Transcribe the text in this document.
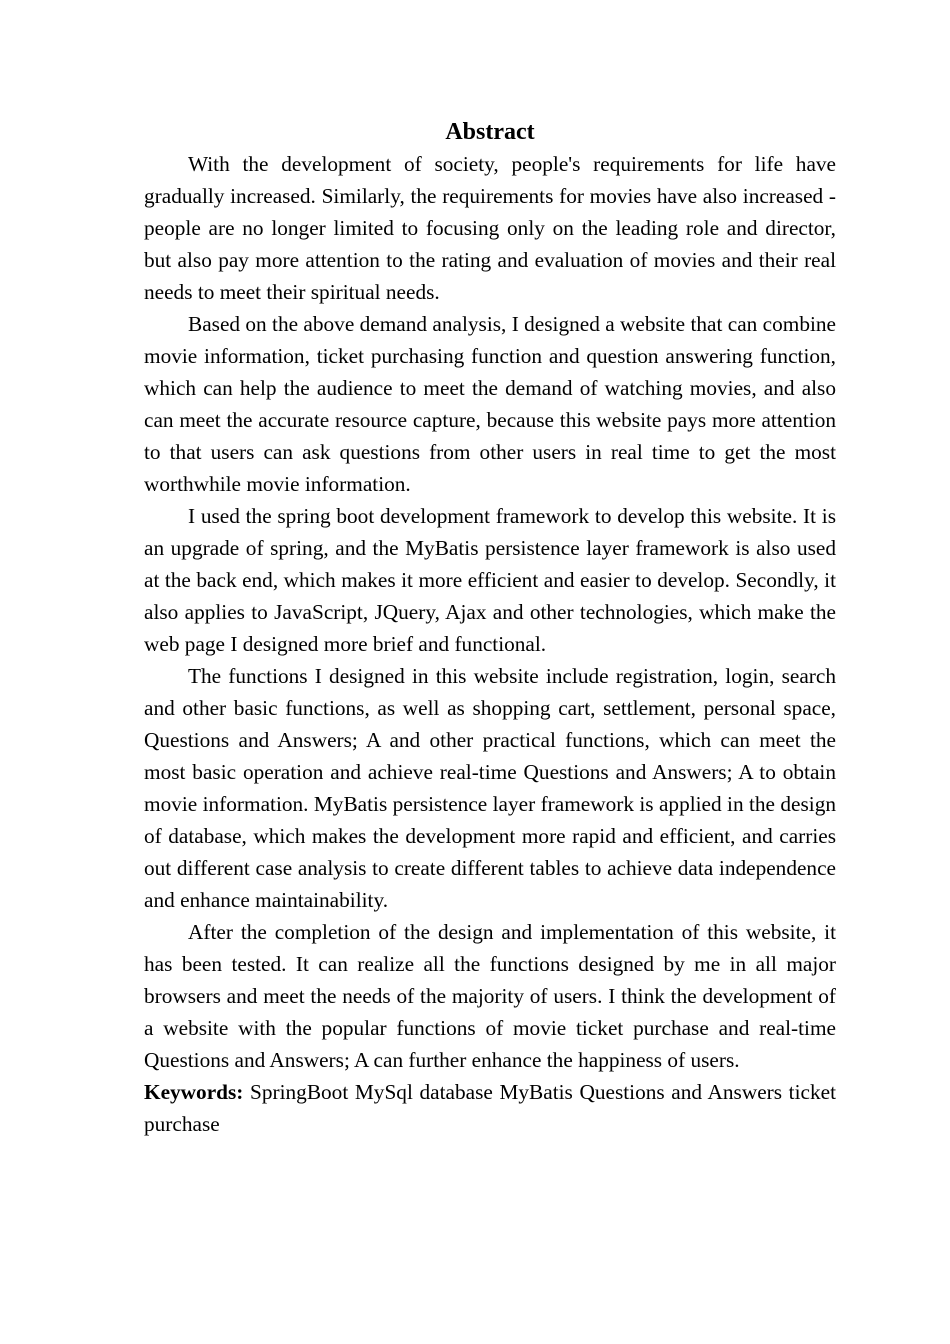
Abstract

With the development of society, people's requirements for life have gradually increased. Similarly, the requirements for movies have also increased - people are no longer limited to focusing only on the leading role and director, but also pay more attention to the rating and evaluation of movies and their real needs to meet their spiritual needs.

Based on the above demand analysis, I designed a website that can combine movie information, ticket purchasing function and question answering function, which can help the audience to meet the demand of watching movies, and also can meet the accurate resource capture, because this website pays more attention to that users can ask questions from other users in real time to get the most worthwhile movie information.

I used the spring boot development framework to develop this website. It is an upgrade of spring, and the MyBatis persistence layer framework is also used at the back end, which makes it more efficient and easier to develop. Secondly, it also applies to JavaScript, JQuery, Ajax and other technologies, which make the web page I designed more brief and functional.

The functions I designed in this website include registration, login, search and other basic functions, as well as shopping cart, settlement, personal space, Questions and Answers; A and other practical functions, which can meet the most basic operation and achieve real-time Questions and Answers; A to obtain movie information. MyBatis persistence layer framework is applied in the design of database, which makes the development more rapid and efficient, and carries out different case analysis to create different tables to achieve data independence and enhance maintainability.

After the completion of the design and implementation of this website, it has been tested. It can realize all the functions designed by me in all major browsers and meet the needs of the majority of users. I think the development of a website with the popular functions of movie ticket purchase and real-time Questions and Answers; A can further enhance the happiness of users.

Keywords: SpringBoot MySql database MyBatis Questions and Answers ticket purchase
